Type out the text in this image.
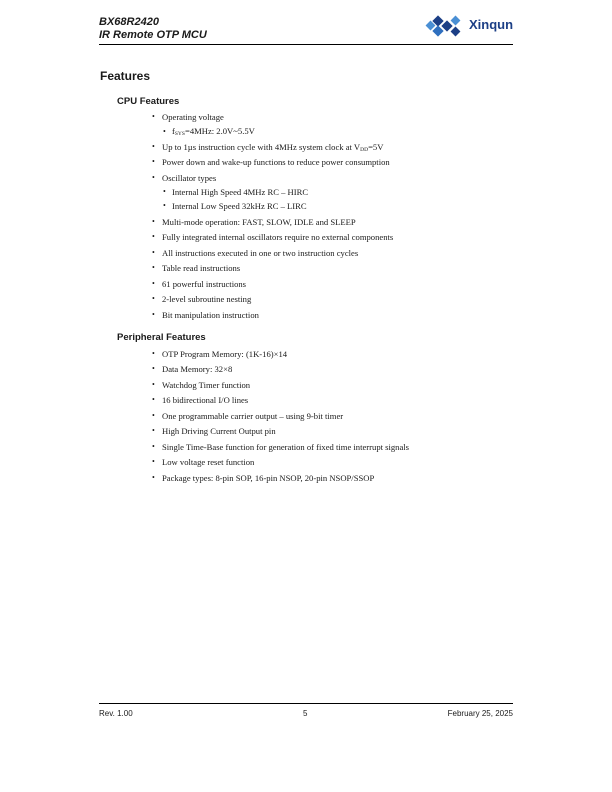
BX68R2420
IR Remote OTP MCU
Xinqun
Features
CPU Features
• Operating voltage
• fSYS=4MHz: 2.0V~5.5V
• Up to 1µs instruction cycle with 4MHz system clock at VDD=5V
• Power down and wake-up functions to reduce power consumption
• Oscillator types
• Internal High Speed 4MHz RC – HIRC
• Internal Low Speed 32kHz RC – LIRC
• Multi-mode operation: FAST, SLOW, IDLE and SLEEP
• Fully integrated internal oscillators require no external components
• All instructions executed in one or two instruction cycles
• Table read instructions
• 61 powerful instructions
• 2-level subroutine nesting
• Bit manipulation instruction
Peripheral Features
• OTP Program Memory: (1K-16)×14
• Data Memory: 32×8
• Watchdog Timer function
• 16 bidirectional I/O lines
• One programmable carrier output – using 9-bit timer
• High Driving Current Output pin
• Single Time-Base function for generation of fixed time interrupt signals
• Low voltage reset function
• Package types: 8-pin SOP, 16-pin NSOP, 20-pin NSOP/SSOP
Rev. 1.00	5	February 25, 2025
